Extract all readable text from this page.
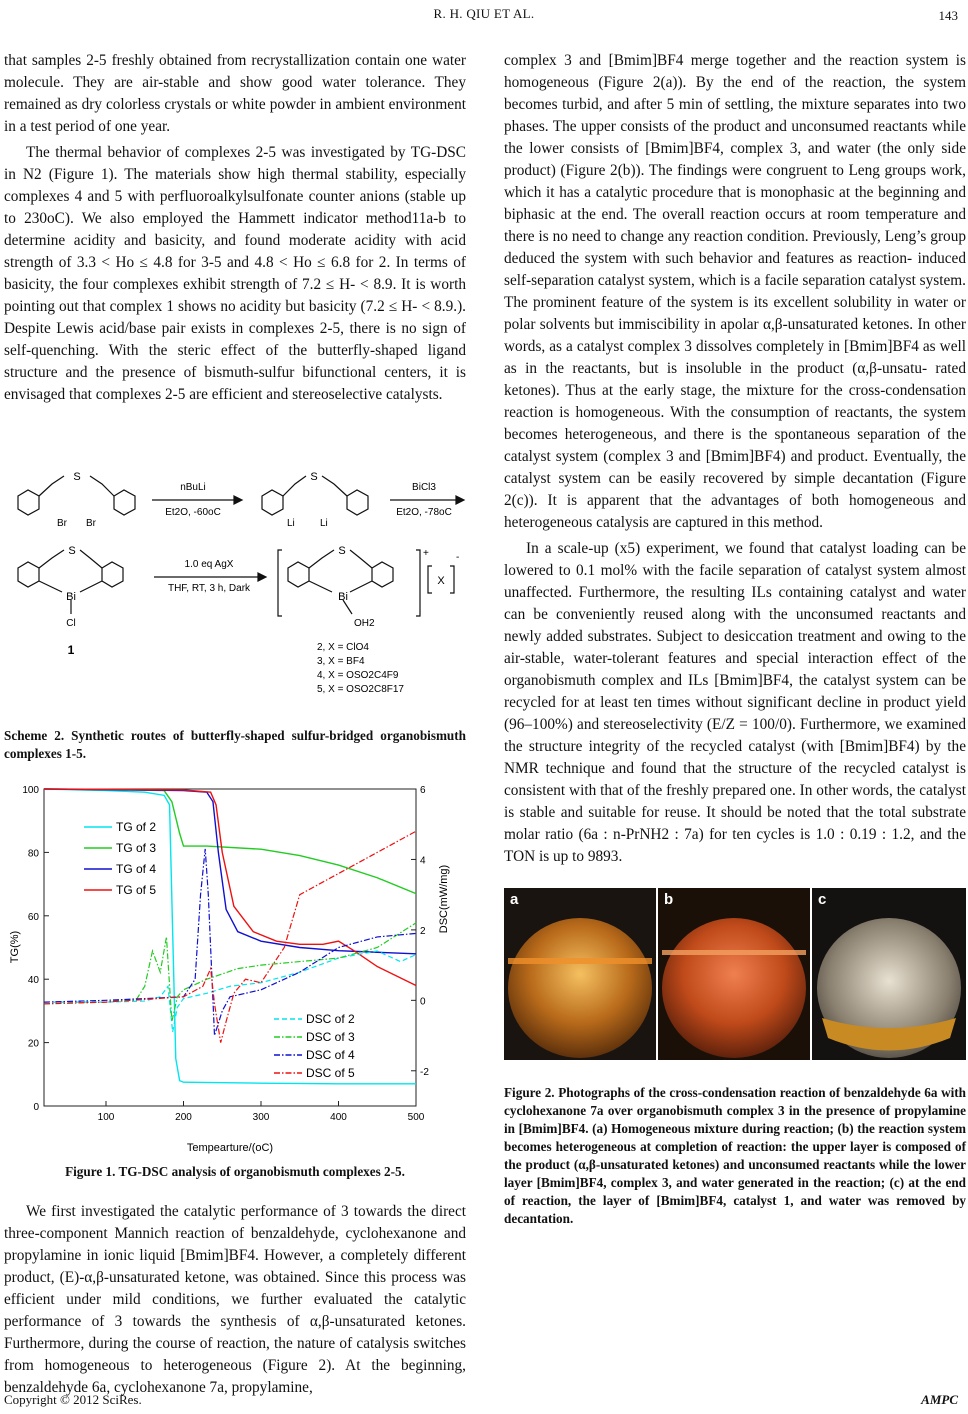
R. H. QIU ET AL.	143

that samples 2-5 freshly obtained from recrystallization contain one water molecule. They are air-stable and show good water tolerance. They remained as dry colorless crystals or white powder in ambient environment in a test period of one year.

The thermal behavior of complexes 2-5 was investigated by TG-DSC in N2 (Figure 1). The materials show high thermal stability, especially complexes 4 and 5 with perfluoroalkylsulfonate counter anions (stable up to 230oC). We also employed the Hammett indicator method11a-b to determine acidity and basicity, and found moderate acidity with acid strength of 3.3 < Ho ≤ 4.8 for 3-5 and 4.8 < Ho ≤ 6.8 for 2. In terms of basicity, the four complexes exhibit strength of 7.2 ≤ H- < 8.9. It is worth pointing out that complex 1 shows no acidity but basicity (7.2 ≤ H- < 8.9.). Despite Lewis acid/base pair exists in complexes 2-5, there is no sign of self-quenching. With the steric effect of the butterfly-shaped ligand structure and the presence of bismuth-sulfur bifunctional centers, it is envisaged that complexes 2-5 are efficient and stereoselective catalysts.

S
Br Br
nBuLi
Et2O, -60oC
S
Li	Li
BiCl3
Et2O, -78oC
S
Bi
Cl
1
1.0 eq AgX
THF, RT, 3 h, Dark
S
Bi
OH2
+	-
X
2, X = ClO4
3, X = BF4
4, X = OSO2C4F9
5, X = OSO2C8F17
Scheme 2. Synthetic routes of butterfly-shaped sulfur-bridged organobismuth complexes 1-5.
100	200	300	400	500
0
20
40
60
80
100
-2
0
2
4
6
TG of 2
TG of 3
TG of 4
TG of 5
DSC of 2
DSC of 3
DSC of 4
DSC of 5
Tempearture/(oC)
TG(%)
DSC(mW/mg)
Figure 1. TG-DSC analysis of organobismuth complexes 2-5.

We first investigated the catalytic performance of 3 towards the direct three-component Mannich reaction of benzaldehyde, cyclohexanone and propylamine in ionic liquid [Bmim]BF4. However, a completely different product, (E)-α,β-unsaturated ketone, was obtained. Since this process was efficient under mild conditions, we further evaluated the catalytic performance of 3 towards the synthesis of α,β-unsaturated ketones. Furthermore, during the course of reaction, the nature of catalysis switches from homogeneous to heterogeneous (Figure 2). At the beginning, benzaldehyde 6a, cyclohexanone 7a, propylamine,

complex 3 and [Bmim]BF4 merge together and the reaction system is homogeneous (Figure 2(a)). By the end of the reaction, the system becomes turbid, and after 5 min of settling, the mixture separates into two phases. The upper consists of the product and unconsumed reactants while the lower consists of [Bmim]BF4, complex 3, and water (the only side product) (Figure 2(b)). The findings were congruent to Leng groups work, which it has a catalytic procedure that is monophasic at the beginning and biphasic at the end. The overall reaction occurs at room temperature and there is no need to change any reaction condition. Previously, Leng’s group deduced the system with such behavior and features as reaction- induced self-separation catalyst system, which is a facile separation catalyst system. The prominent feature of the system is its excellent solubility in water or polar solvents but immiscibility in apolar α,β-unsaturated ketones. In other words, as a catalyst complex 3 dissolves completely in [Bmim]BF4 as well as in the reactants, but is insoluble in the product (α,β-unsatu- rated ketones). Thus at the early stage, the mixture for the cross-condensation reaction is homogeneous. With the consumption of reactants, the system becomes heterogeneous, and there is the spontaneous separation of the catalyst system (complex 3 and [Bmim]BF4) and product. Eventually, the catalyst system can be easily recovered by simple decantation (Figure 2(c)). It is apparent that the advantages of both homogeneous and heterogeneous catalysis are captured in this method.

In a scale-up (x5) experiment, we found that catalyst loading can be lowered to 0.1 mol% with the facile separation of catalyst system almost unaffected. Furthermore, the resulting ILs containing catalyst and water can be conveniently reused along with the unconsumed reactants and newly added substrates. Subject to desiccation treatment and owing to the air-stable, water-tolerant features and special interaction effect of the organobismuth complex and ILs [Bmim]BF4, the catalyst system can be recycled for at least ten times without significant decline in product yield (96–100%) and stereoselectivity (E/Z = 100/0). Furthermore, we examined the structure integrity of the recycled catalyst (with [Bmim]BF4) by the NMR technique and found that the structure of the recycled catalyst is consistent with that of the freshly prepared one. In other words, the catalyst is stable and suitable for reuse. It should be noted that the total substrate molar ratio (6a : n-PrNH2 : 7a) for ten cycles is 1.0 : 0.19 : 1.2, and the TON is up to 9893.

a	b	c
Figure 2. Photographs of the cross-condensation reaction of benzaldehyde 6a with cyclohexanone 7a over organobismuth complex 3 in the presence of propylamine in [Bmim]BF4. (a) Homogeneous mixture during reaction; (b) the reaction system becomes heterogeneous at completion of reaction: the upper layer is composed of the product (α,β-unsaturated ketones) and unconsumed reactants while the lower layer [Bmim]BF4, complex 3, and water generated in the reaction; (c) at the end of reaction, the layer of [Bmim]BF4, catalyst 1, and water was removed by decantation.
Copyright © 2012 SciRes.	AMPC
